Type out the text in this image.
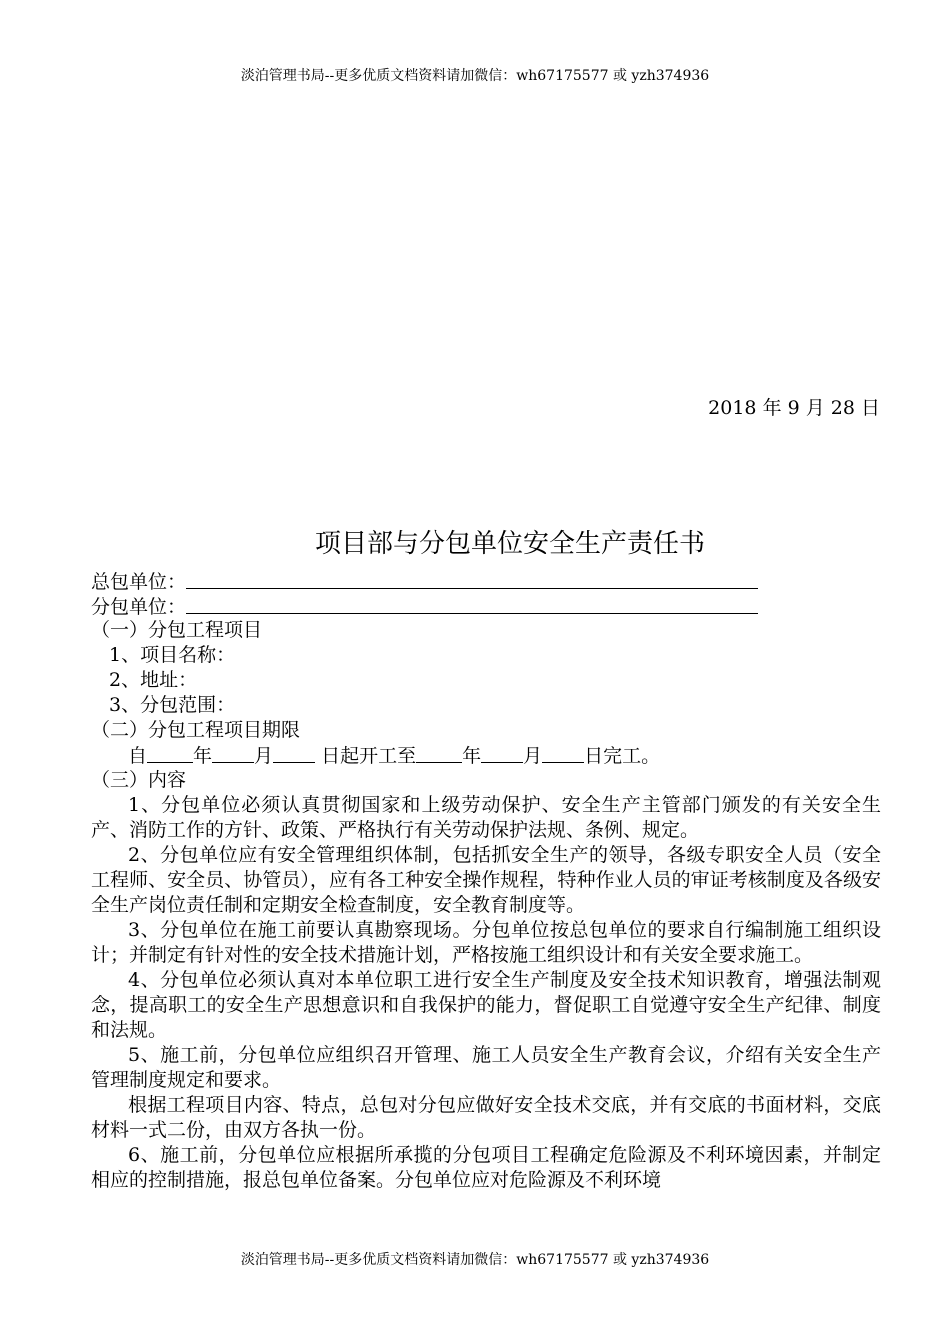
淡泊管理书局--更多优质文档资料请加微信：wh67175577 或 yzh374936
2018 年 9 月 28 日
项目部与分包单位安全生产责任书
总包单位：
分包单位：
（一）分包工程项目
1、项目名称：
2、地址：
3、分包范围：
（二）分包工程项目期限
自 年 月	日起开工至 年 月 日完工。
（三）内容

1、分包单位必须认真贯彻国家和上级劳动保护、安全生产主管部门颁发的有关安全生产、消防工作的方针、政策、严格执行有关劳动保护法规、条例、规定。

2、分包单位应有安全管理组织体制，包括抓安全生产的领导，各级专职安全人员（安全工程师、安全员、协管员），应有各工种安全操作规程，特种作业人员的审证考核制度及各级安全生产岗位责任制和定期安全检查制度，安全教育制度等。

3、分包单位在施工前要认真勘察现场。分包单位按总包单位的要求自行编制施工组织设计；并制定有针对性的安全技术措施计划，严格按施工组织设计和有关安全要求施工。

4、分包单位必须认真对本单位职工进行安全生产制度及安全技术知识教育，增强法制观念，提高职工的安全生产思想意识和自我保护的能力，督促职工自觉遵守安全生产纪律、制度和法规。

5、施工前，分包单位应组织召开管理、施工人员安全生产教育会议，介绍有关安全生产管理制度规定和要求。

根据工程项目内容、特点，总包对分包应做好安全技术交底，并有交底的书面材料，交底材料一式二份，由双方各执一份。

6、施工前，分包单位应根据所承揽的分包项目工程确定危险源及不利环境因素，并制定相应的控制措施，报总包单位备案。分包单位应对危险源及不利环境

淡泊管理书局--更多优质文档资料请加微信：wh67175577 或 yzh374936
